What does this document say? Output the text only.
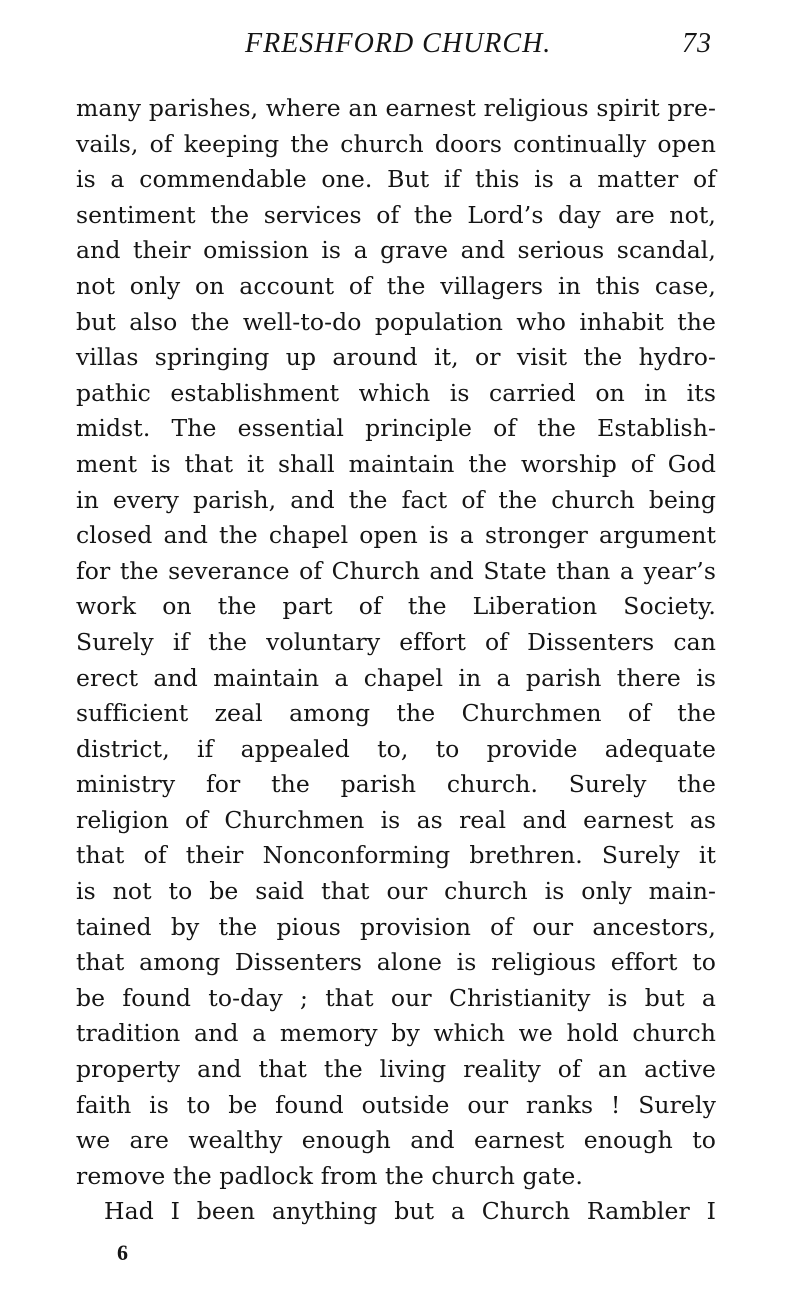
FRESHFORD CHURCH.	73
many parishes, where an earnest religious spirit pre-
vails, of keeping the church doors continually open
is a commendable one. But if this is a matter of
sentiment the services of the Lord’s day are not,
and their omission is a grave and serious scandal,
not only on account of the villagers in this case,
but also the well-to-do population who inhabit the
villas springing up around it, or visit the hydro-
pathic establishment which is carried on in its
midst. The essential principle of the Establish-
ment is that it shall maintain the worship of God
in every parish, and the fact of the church being
closed and the chapel open is a stronger argument
for the severance of Church and State than a year’s
work on the part of the Liberation Society.
Surely if the voluntary effort of Dissenters can
erect and maintain a chapel in a parish there is
sufficient zeal among the Churchmen of the
district, if appealed to, to provide adequate
ministry for the parish church. Surely the
religion of Churchmen is as real and earnest as
that of their Nonconforming brethren. Surely it
is not to be said that our church is only main-
tained by the pious provision of our ancestors,
that among Dissenters alone is religious effort to
be found to-day ; that our Christianity is but a
tradition and a memory by which we hold church
property and that the living reality of an active
faith is to be found outside our ranks ! Surely
we are wealthy enough and earnest enough to
remove the padlock from the church gate.
Had I been anything but a Church Rambler I
6
